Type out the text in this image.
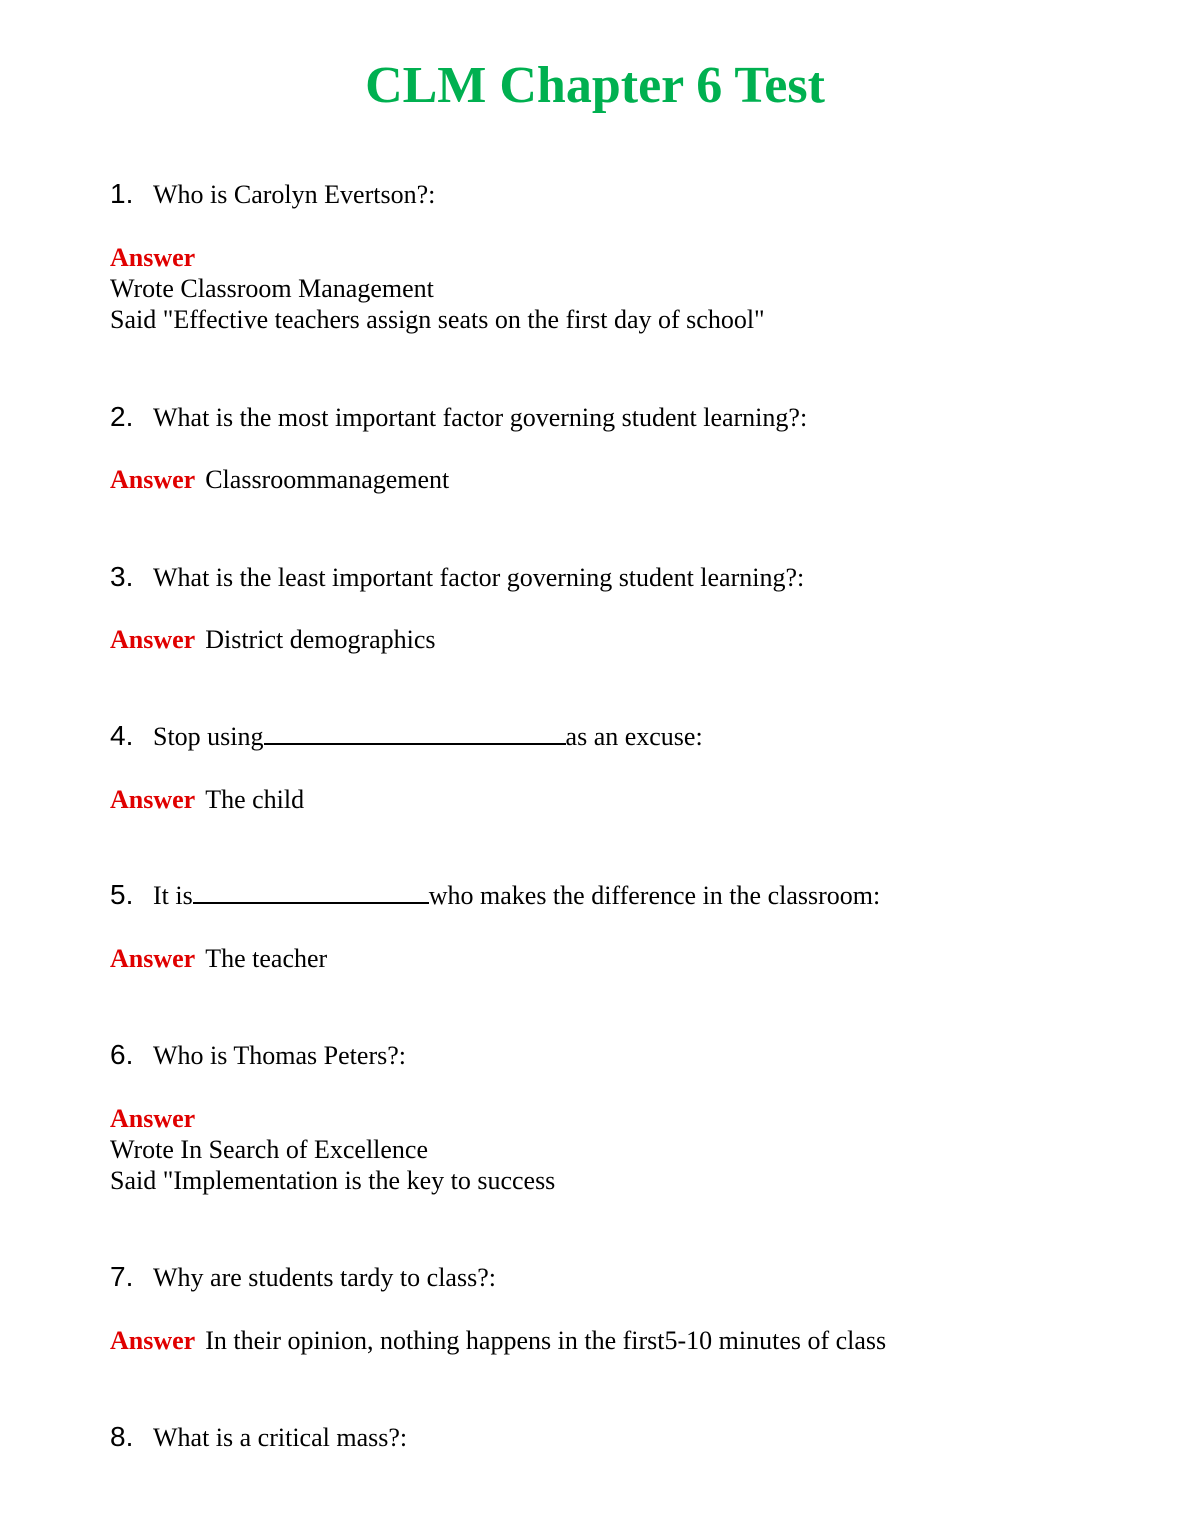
CLM Chapter 6 Test
1. Who is Carolyn Evertson?:
Answer
Wrote Classroom Management
Said "Effective teachers assign seats on the first day of school"
2. What is the most important factor governing student learning?:
Answer Classroommanagement
3. What is the least important factor governing student learning?:
Answer District demographics
4. Stop using	as an excuse:
Answer The child
5. It is	who makes the difference in the classroom:
Answer The teacher
6. Who is Thomas Peters?:
Answer
Wrote In Search of Excellence
Said "Implementation is the key to success
7. Why are students tardy to class?:
Answer In their opinion, nothing happens in the first5-10 minutes of class
8. What is a critical mass?:
